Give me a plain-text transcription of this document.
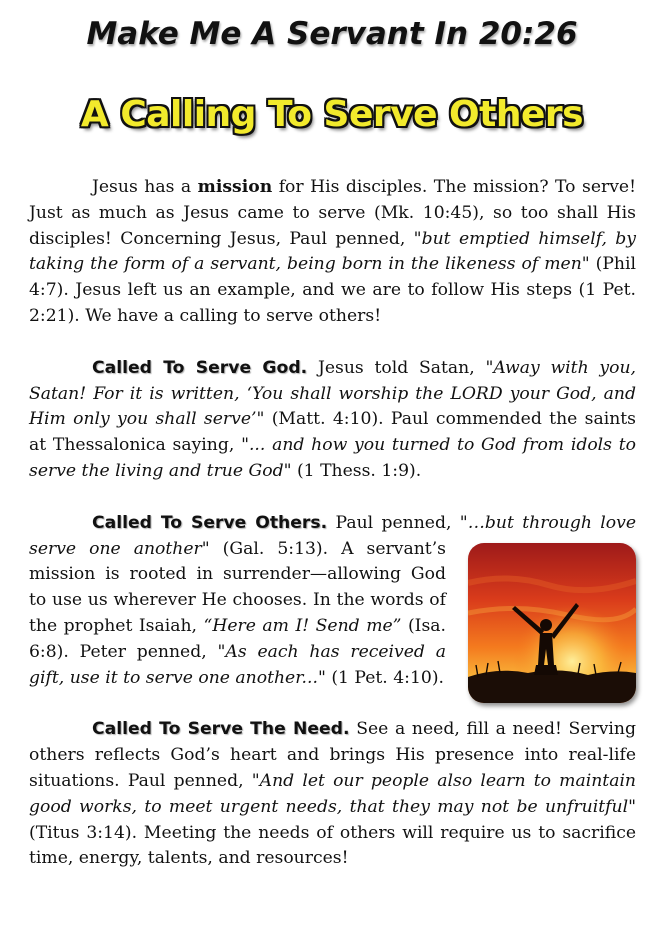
Make Me A Servant In 20:26
A Calling To Serve Others

Jesus has a mission for His disciples. The mission? To serve! Just as much as Jesus came to serve (Mk. 10:45), so too shall His disciples! Concerning Jesus, Paul penned, "but emptied himself, by taking the form of a servant, being born in the likeness of men" (Phil 4:7). Jesus left us an example, and we are to follow His steps (1 Pet. 2:21). We have a calling to serve others!

Called To Serve God. Jesus told Satan, "Away with you, Satan! For it is written, ‘You shall worship the LORD your God, and Him only you shall serve’" (Matt. 4:10). Paul commended the saints at Thessalonica saying, "... and how you turned to God from idols to serve the living and true God" (1 Thess. 1:9).

Called To Serve Others. Paul penned, "…but through love serve one another"
(Gal. 5:13). A servant’s mission is rooted in surrender—allowing God to use us wherever He chooses. In the words of the prophet Isaiah, “Here am I! Send me” (Isa. 6:8). Peter penned, "As each has received a gift, use it to serve one another..." (1 Pet. 4:10).

Called To Serve The Need. See a need, fill a need! Serving others reflects God’s heart and brings His presence into real-life situations. Paul penned, "And let our people also learn to maintain good works, to meet urgent needs, that they may not be unfruitful" (Titus 3:14). Meeting the needs of others will require us to sacrifice time, energy, talents, and resources!
